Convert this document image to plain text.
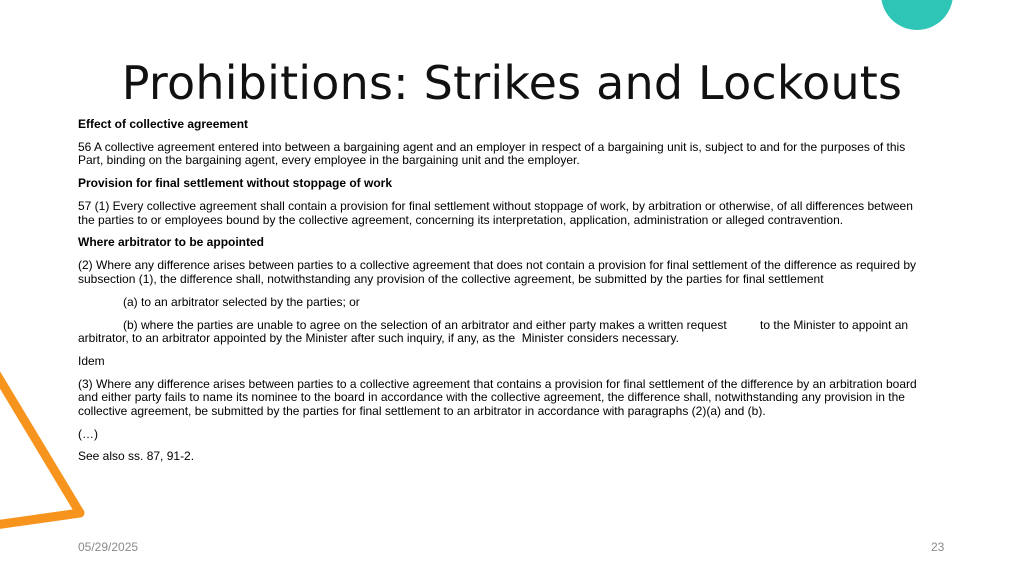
Prohibitions: Strikes and Lockouts

Effect of collective agreement

56 A collective agreement entered into between a bargaining agent and an employer in respect of a bargaining unit is, subject to and for the purposes of this Part, binding on the bargaining agent, every employee in the bargaining unit and the employer.

Provision for final settlement without stoppage of work

57 (1) Every collective agreement shall contain a provision for final settlement without stoppage of work, by arbitration or otherwise, of all differences between the parties to or employees bound by the collective agreement, concerning its interpretation, application, administration or alleged contravention.

Where arbitrator to be appointed

(2) Where any difference arises between parties to a collective agreement that does not contain a provision for final settlement of the difference as required by subsection (1), the difference shall, notwithstanding any provision of the collective agreement, be submitted by the parties for final settlement

(a) to an arbitrator selected by the parties; or

(b) where the parties are unable to agree on the selection of an arbitrator and either party makes a written request          to the Minister to appoint an arbitrator, to an arbitrator appointed by the Minister after such inquiry, if any, as the  Minister considers necessary.

Idem

(3) Where any difference arises between parties to a collective agreement that contains a provision for final settlement of the difference by an arbitration board and either party fails to name its nominee to the board in accordance with the collective agreement, the difference shall, notwithstanding any provision in the collective agreement, be submitted by the parties for final settlement to an arbitrator in accordance with paragraphs (2)(a) and (b).

(…)

See also ss. 87, 91-2.

05/29/2025	23
